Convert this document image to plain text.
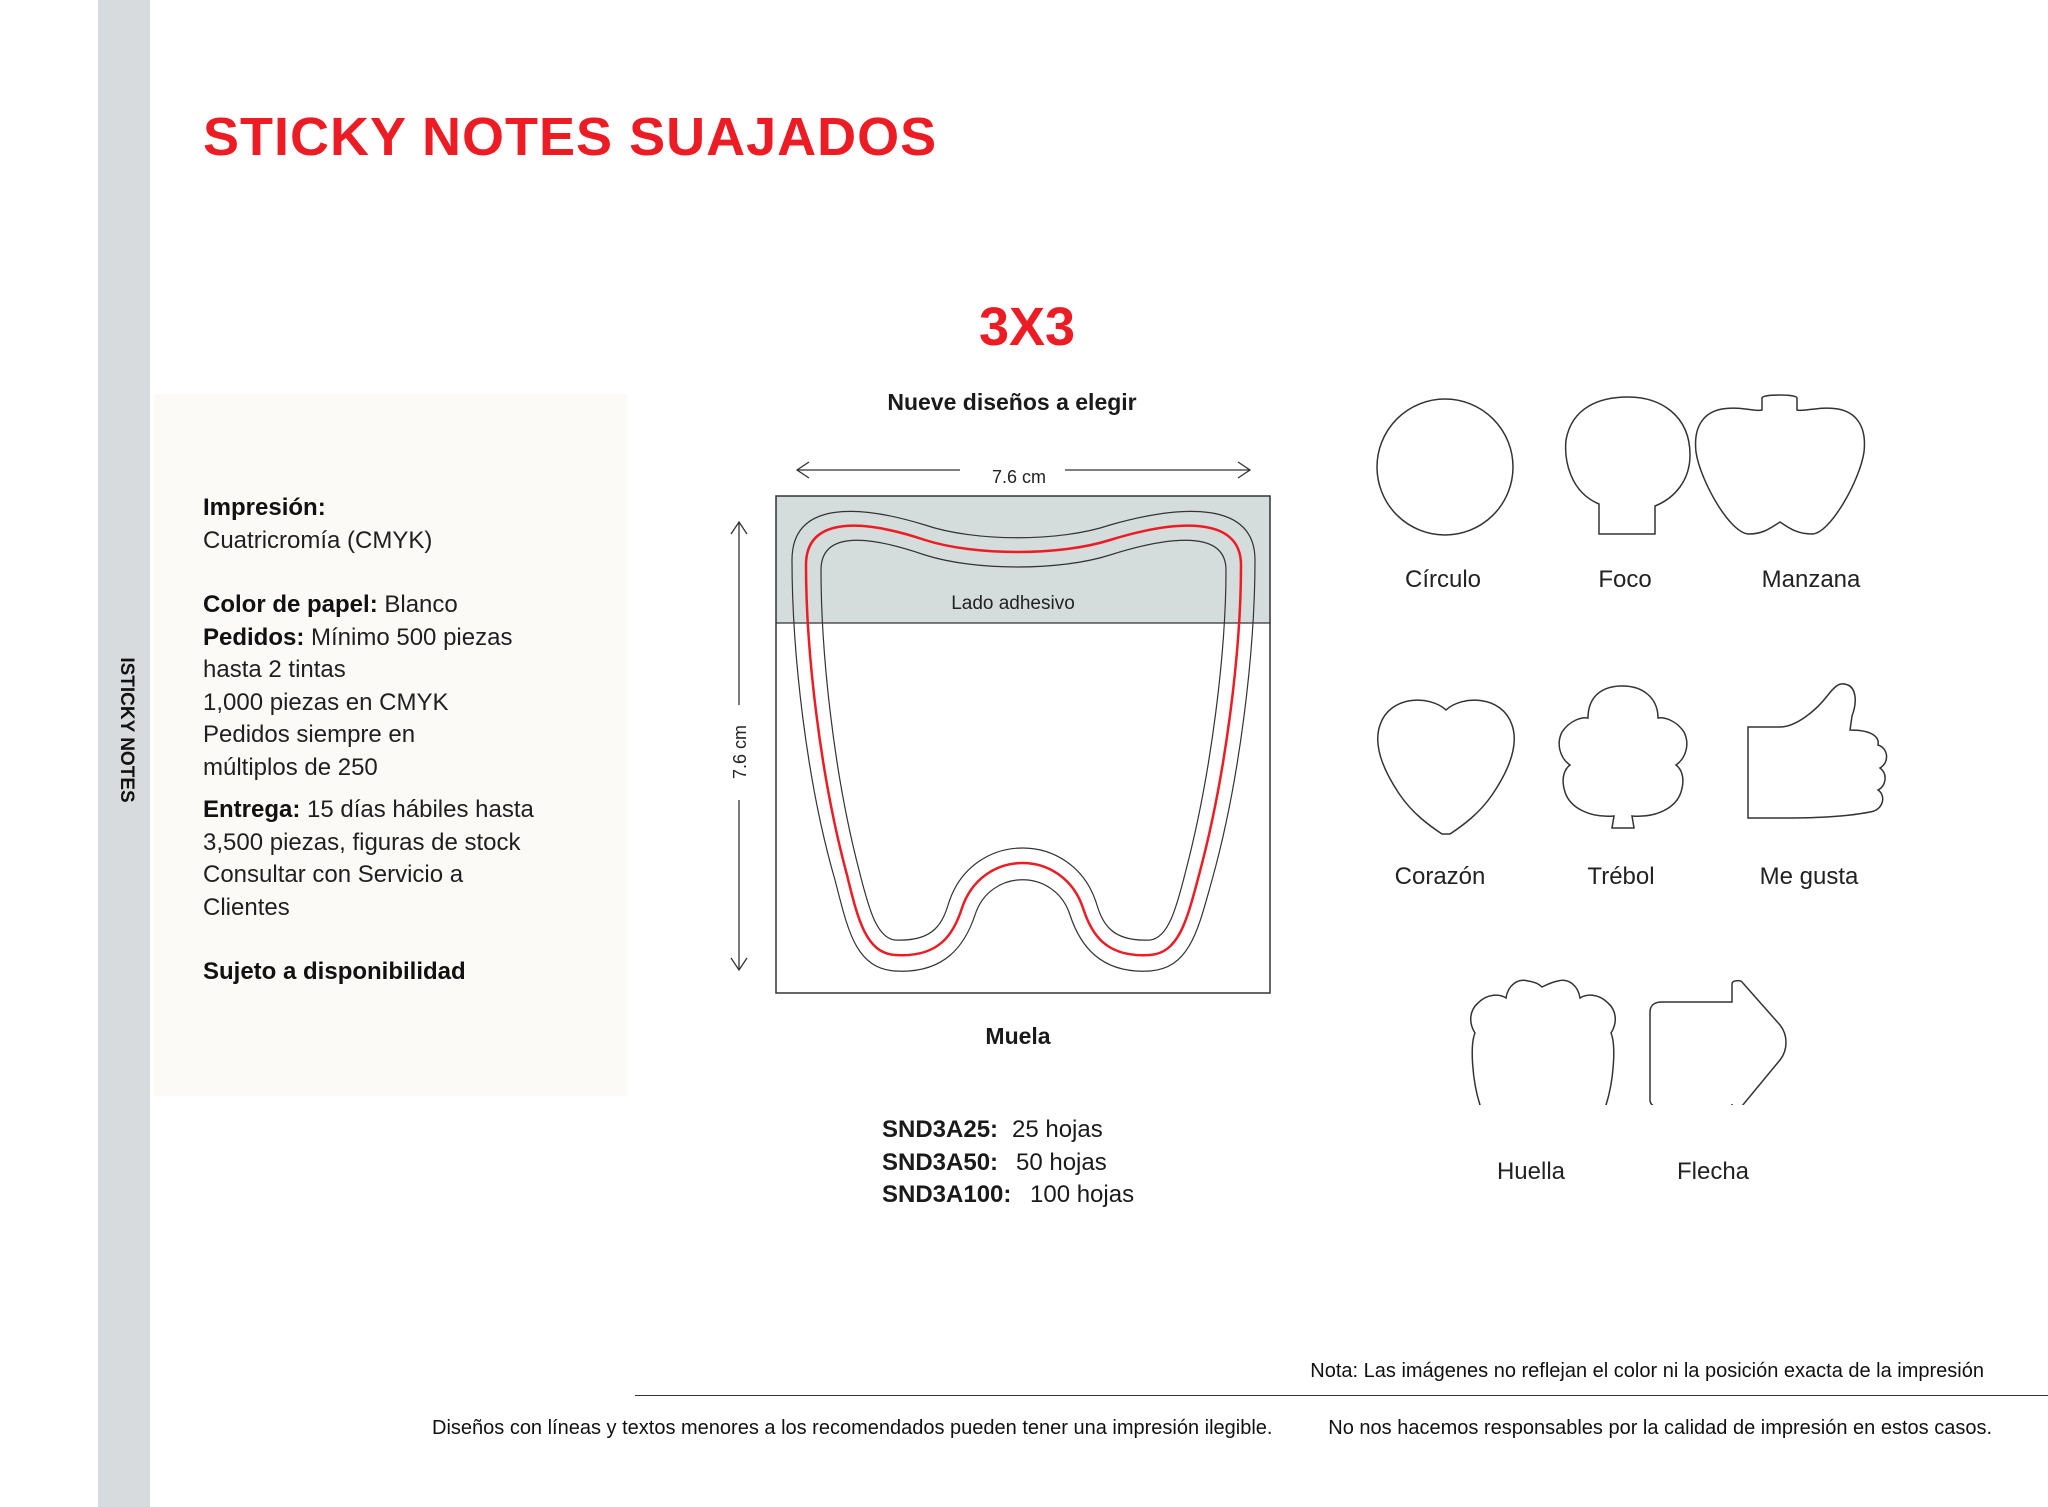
ISTICKY NOTES
STICKY NOTES SUAJADOS
Impresión:
Cuatricromía (CMYK)
Color de papel: Blanco
Pedidos: Mínimo 500 piezas
hasta 2 tintas
1,000 piezas en CMYK
Pedidos siempre en
múltiplos de 250
Entrega: 15 días hábiles hasta
3,500 piezas, figuras de stock
Consultar con Servicio a
Clientes
Sujeto a disponibilidad
3X3
Nueve diseños a elegir
7.6 cm
7.6 cm
Lado adhesivo
Muela
SND3A25: 25 hojas
SND3A50: 50 hojas
SND3A100: 100 hojas
Círculo	Foco	Manzana
Corazón	Trébol	Me gusta
Huella	Flecha
Nota: Las imágenes no reflejan el color ni la posición exacta de la impresión
Diseños con líneas y textos menores a los recomendados pueden tener una impresión ilegible.	No nos hacemos responsables por la calidad de impresión en estos casos.
